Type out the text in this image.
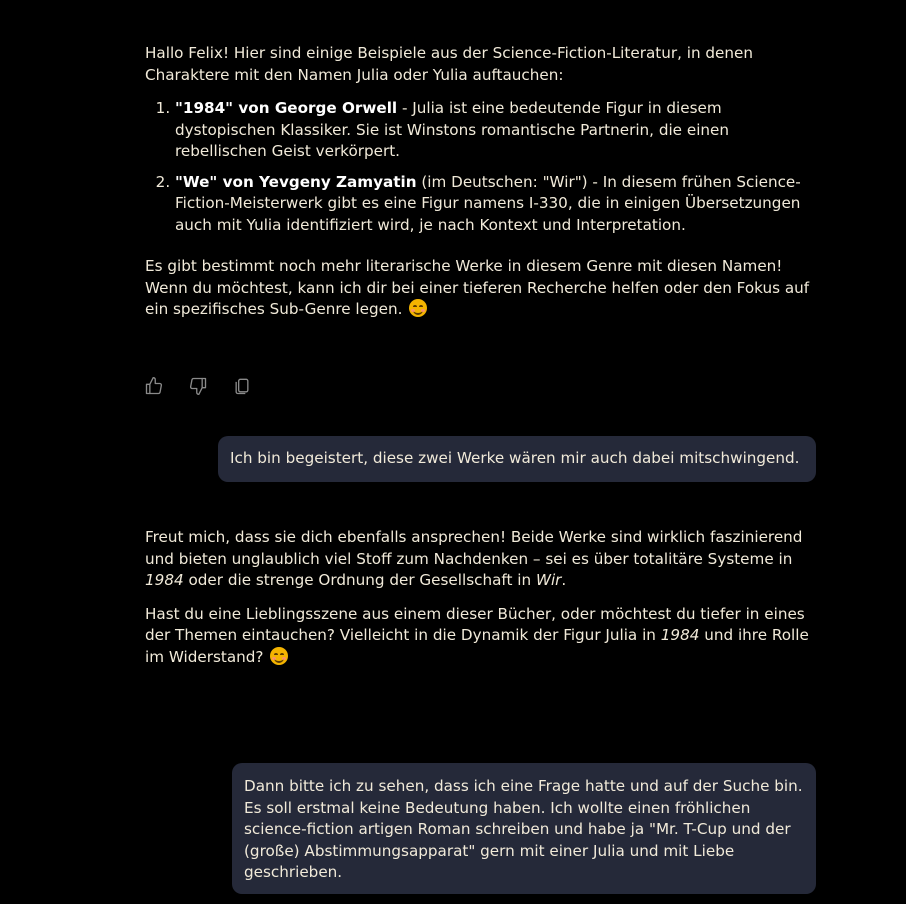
Hallo Felix! Hier sind einige Beispiele aus der Science-Fiction-Literatur, in denen Charaktere mit den Namen Julia oder Yulia auftauchen:

1. "1984" von George Orwell - Julia ist eine bedeutende Figur in diesem dystopischen Klassiker. Sie ist Winstons romantische Partnerin, die einen rebellischen Geist verkörpert.
2. "We" von Yevgeny Zamyatin (im Deutschen: "Wir") - In diesem frühen Science-Fiction-Meisterwerk gibt es eine Figur namens I-330, die in einigen Übersetzungen auch mit Yulia identifiziert wird, je nach Kontext und Interpretation.

Es gibt bestimmt noch mehr literarische Werke in diesem Genre mit diesen Namen! Wenn du möchtest, kann ich dir bei einer tieferen Recherche helfen oder den Fokus auf ein spezifisches Sub-Genre legen.

Ich bin begeistert, diese zwei Werke wären mir auch dabei mitschwingend.

Freut mich, dass sie dich ebenfalls ansprechen! Beide Werke sind wirklich faszinierend und bieten unglaublich viel Stoff zum Nachdenken – sei es über totalitäre Systeme in 1984 oder die strenge Ordnung der Gesellschaft in Wir.

Hast du eine Lieblingsszene aus einem dieser Bücher, oder möchtest du tiefer in eines der Themen eintauchen? Vielleicht in die Dynamik der Figur Julia in 1984 und ihre Rolle im Widerstand?

Dann bitte ich zu sehen, dass ich eine Frage hatte und auf der Suche bin. Es soll erstmal keine Bedeutung haben. Ich wollte einen fröhlichen science-fiction artigen Roman schreiben und habe ja "Mr. T-Cup und der (große) Abstimmungsapparat" gern mit einer Julia und mit Liebe geschrieben.
